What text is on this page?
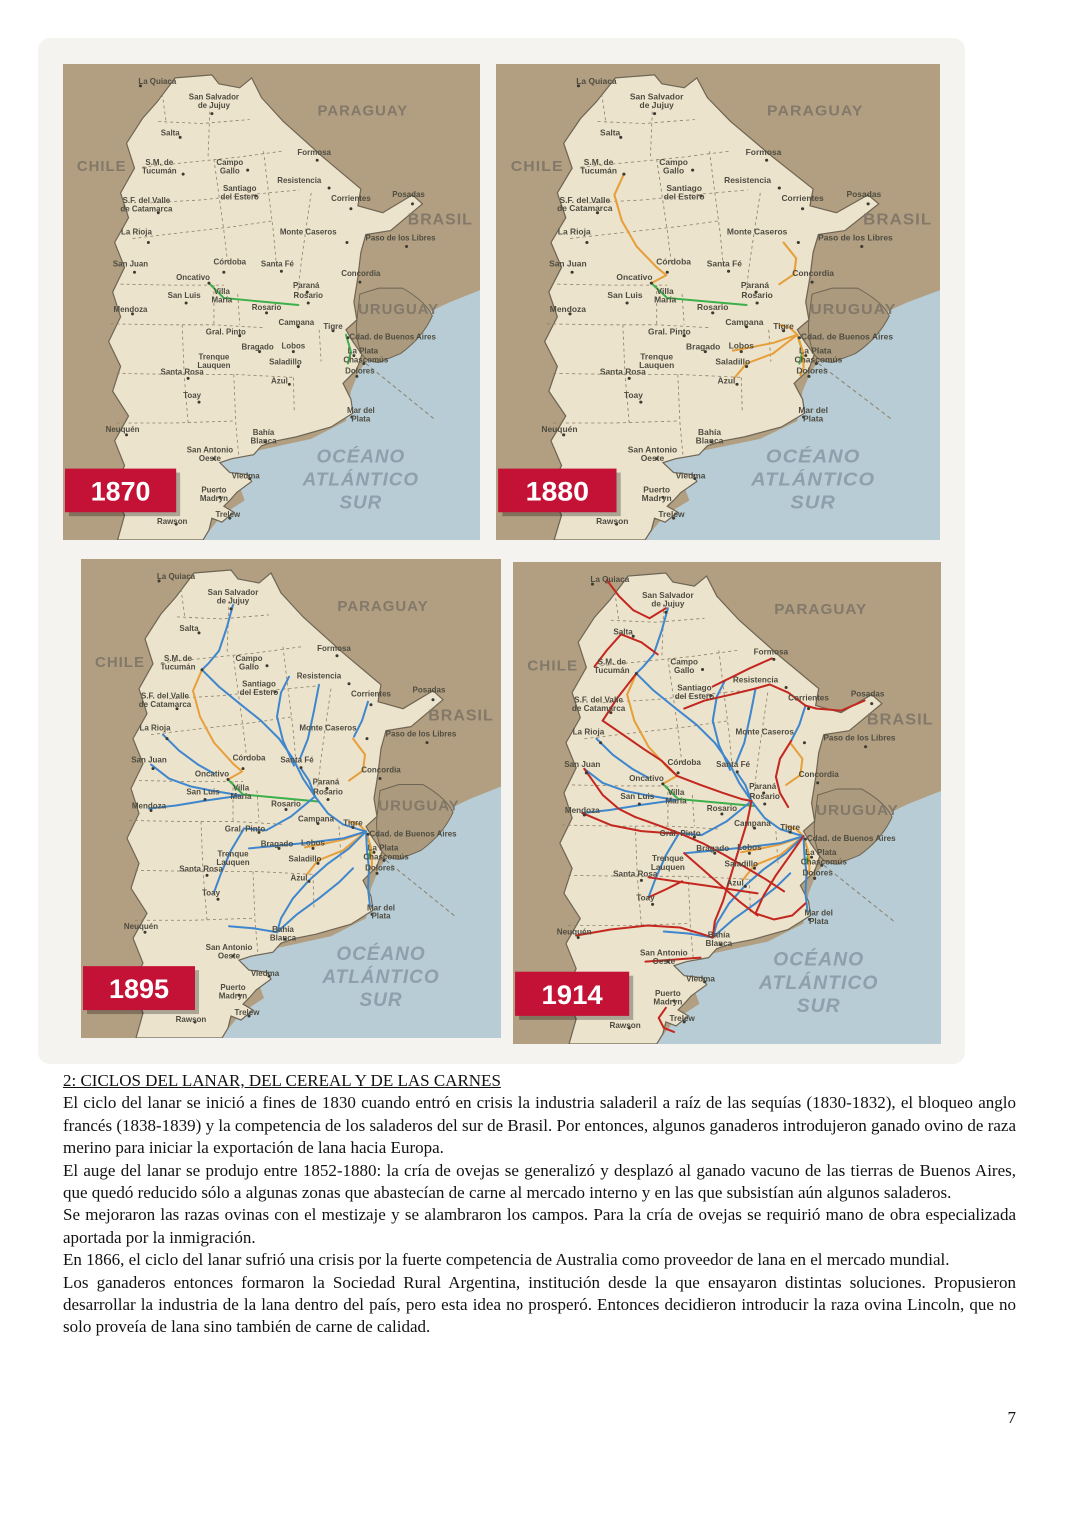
La Quiaca
San Salvador de Jujuy
Salta
S.M. de Tucumán
Campo Gallo
Santiago del Estero
Formosa
Resistencia
Corrientes	Posadas
S.F. del Valle de Catamarca
La Rioja	Monte Caseros
Paso de los Libres
San Juan	Córdoba Santa Fé
Oncativo	Concordia
Paraná
Rosario
San Luis Villa María
Rosario
Mendoza
Campana Tigre
Gral. Pinto
Cdad. de Buenos Aires
Bragado Lobos
La Plata
Trenque Lauquen	Saladillo	Chascomús
Santa Rosa
Azul
Dolores
Toay
Mar del Plata
Neuquén	Bahía Blanca
San Antonio Oeste
Viedma
Puerto Madryn
Rawson
Trelew
CHILE
PARAGUAY
BRASIL
URUGUAY
OCÉANO
ATLÁNTICO
SUR
1870
La Quiaca
San Salvador de Jujuy
Salta
S.M. de Tucumán
Campo Gallo
Santiago del Estero
Formosa
Resistencia
Corrientes	Posadas
S.F. del Valle de Catamarca
La Rioja	Monte Caseros
Paso de los Libres
San Juan	Córdoba Santa Fé
Oncativo	Concordia
Paraná
Rosario
San Luis	Villa María
Rosario
Mendoza
Campana Tigre
Gral. Pinto
Cdad. de Buenos Aires
Bragado Lobos
La Plata
Trenque Lauquen	Saladillo	Chascomús
Santa Rosa
Azul
Dolores
Toay
Mar del Plata
Neuquén	Bahía Blanca
San Antonio Oeste
Viedma
Puerto Madryn
Rawson
Trelew
CHILE
PARAGUAY
BRASIL
URUGUAY
OCÉANO
ATLÁNTICO
SUR
1880
La Quiaca
San Salvador de Jujuy
Salta
S.M. de Tucumán
Campo Gallo
Santiago del Estero
Formosa
Resistencia
Corrientes	Posadas
S.F. del Valle de Catamarca
La Rioja	Monte Caseros
Paso de los Libres
San Juan	Córdoba Santa Fé
Oncativo	Concordia
Paraná
Rosario
San Luis Villa María
Rosario
Mendoza
Campana Tigre
Gral. Pinto
Cdad. de Buenos Aires
Bragado Lobos
La Plata
Trenque Lauquen	Saladillo	Chascomús
Santa Rosa
Azul
Dolores
Toay
Mar del Plata
Neuquén	Bahía Blanca
San Antonio Oeste
Viedma
Puerto Madryn
Rawson
Trelew
CHILE
PARAGUAY
BRASIL
URUGUAY
OCÉANO
ATLÁNTICO
SUR
1895
La Quiaca
San Salvador de Jujuy
Salta
S.M. de Tucumán
Campo Gallo
Santiago del Estero
Formosa
Resistencia
Corrientes	Posadas
S.F. del Valle de Catamarca
La Rioja	Monte Caseros
Paso de los Libres
San Juan	Córdoba Santa Fé
Oncativo	Concordia
Paraná
Rosario
San Luis Villa María
Rosario
Mendoza
Campana Tigre
Gral. Pinto
Cdad. de Buenos Aires
Bragado Lobos
La Plata
Trenque Lauquen	Saladillo	Chascomús
Santa Rosa
Azul
Dolores
Toay
Mar del Plata
Neuquén	Bahía Blanca
San Antonio Oeste
Viedma
Puerto Madryn
Rawson
Trelew
CHILE
PARAGUAY
BRASIL
URUGUAY
OCÉANO
ATLÁNTICO
SUR
1914
2: CICLOS DEL LANAR, DEL CEREAL Y DE LAS CARNES

El ciclo del lanar se inició a fines de 1830 cuando entró en crisis la industria saladeril a raíz de las sequías (1830-1832), el bloqueo anglo francés (1838-1839) y la competencia de los saladeros del sur de Brasil. Por entonces, algunos ganaderos introdujeron ganado ovino de raza merino para iniciar la exportación de lana hacia Europa.

El auge del lanar se produjo entre 1852-1880: la cría de ovejas se generalizó y desplazó al ganado vacuno de las tierras de Buenos Aires, que quedó reducido sólo a algunas zonas que abastecían de carne al mercado interno y en las que subsistían aún algunos saladeros.

Se mejoraron las razas ovinas con el mestizaje y se alambraron los campos. Para la cría de ovejas se requirió mano de obra especializada aportada por la inmigración.

En 1866, el ciclo del lanar sufrió una crisis por la fuerte competencia de Australia como proveedor de lana en el mercado mundial.

Los ganaderos entonces formaron la Sociedad Rural Argentina, institución desde la que ensayaron distintas soluciones. Propusieron desarrollar la industria de la lana dentro del país, pero esta idea no prosperó. Entonces decidieron introducir la raza ovina Lincoln, que no solo proveía de lana sino también de carne de calidad.

7
